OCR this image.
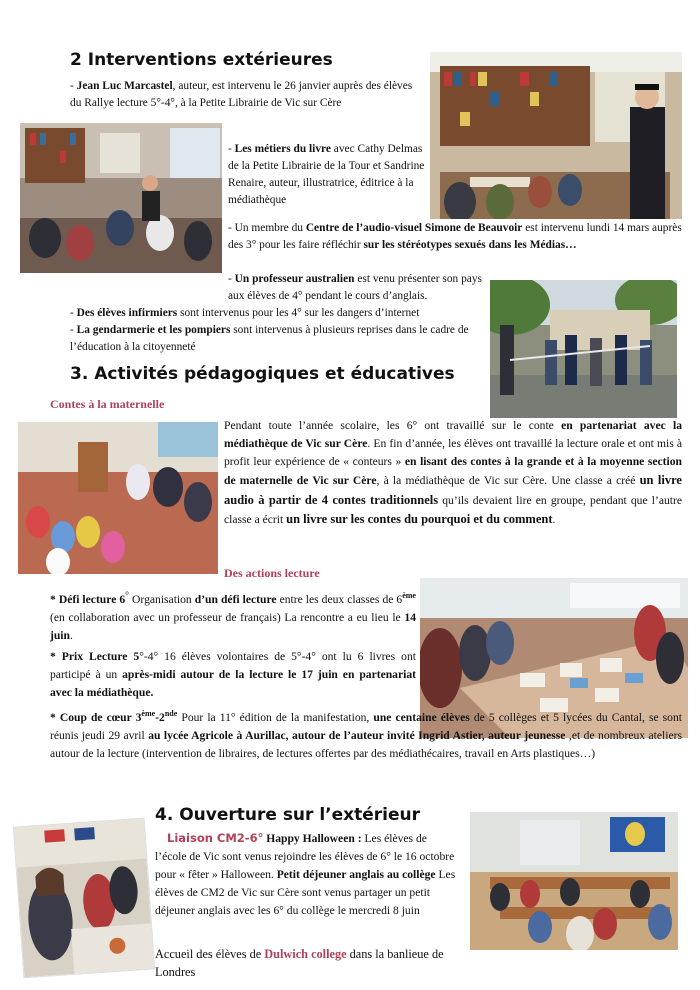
2 Interventions extérieures
- Jean Luc Marcastel, auteur, est intervenu le 26 janvier auprès des élèves du Rallye lecture 5°-4°, à la Petite Librairie de Vic sur Cère
- Les métiers du livre avec Cathy Delmas de la Petite Librairie de la Tour et Sandrine Renaire, auteur, illustratrice, éditrice à la médiathèque
- Un membre du Centre de l’audio-visuel Simone de Beauvoir est intervenu lundi 14 mars auprès des 3° pour les faire réfléchir sur les stéréotypes sexués dans les Médias…
- Un professeur australien est venu présenter son pays aux élèves de 4° pendant le cours d’anglais.
- Des élèves infirmiers sont intervenus pour les 4° sur les dangers d’internet
- La gendarmerie et les pompiers sont intervenus à plusieurs reprises dans le cadre de l’éducation à la citoyenneté
3. Activités pédagogiques et éducatives
Contes à la maternelle
Pendant toute l’année scolaire, les 6° ont travaillé sur le conte en partenariat avec la médiathèque de Vic sur Cère. En fin d’année, les élèves ont travaillé la lecture orale et ont mis à profit leur expérience de « conteurs » en lisant des contes à la grande et à la moyenne section de maternelle de Vic sur Cère, à la médiathèque de Vic sur Cère. Une classe a créé un livre audio à partir de 4 contes traditionnels qu’ils devaient lire en groupe, pendant que l’autre classe a écrit un livre sur les contes du pourquoi et du comment.
Des actions lecture
* Défi lecture 6° Organisation d’un défi lecture entre les deux classes de 6ème (en collaboration avec un professeur de français) La rencontre a eu lieu le 14 juin.
* Prix Lecture 5°-4° 16 élèves volontaires de 5°-4° ont lu 6 livres ont participé à un après-midi autour de la lecture le 17 juin en partenariat avec la médiathèque.
* Coup de cœur 3ème-2nde Pour la 11° édition de la manifestation, une centaine élèves de 5 collèges et 5 lycées du Cantal, se sont réunis jeudi 29 avril au lycée Agricole à Aurillac, autour de l’auteur invité Ingrid Astier, auteur jeunesse ,et de nombreux ateliers autour de la lecture (intervention de libraires, de lectures offertes par des médiathécaires, travail en Arts plastiques…)
4. Ouverture sur l’extérieur
Liaison CM2-6° Happy Halloween : Les élèves de l’école de Vic sont venus rejoindre les élèves de 6° le 16 octobre pour « fêter » Halloween. Petit déjeuner anglais au collège Les élèves de CM2 de Vic sur Cère sont venus partager un petit déjeuner anglais avec les 6° du collège le mercredi 8 juin
Accueil des élèves de Dulwich college dans la banlieue de Londres
